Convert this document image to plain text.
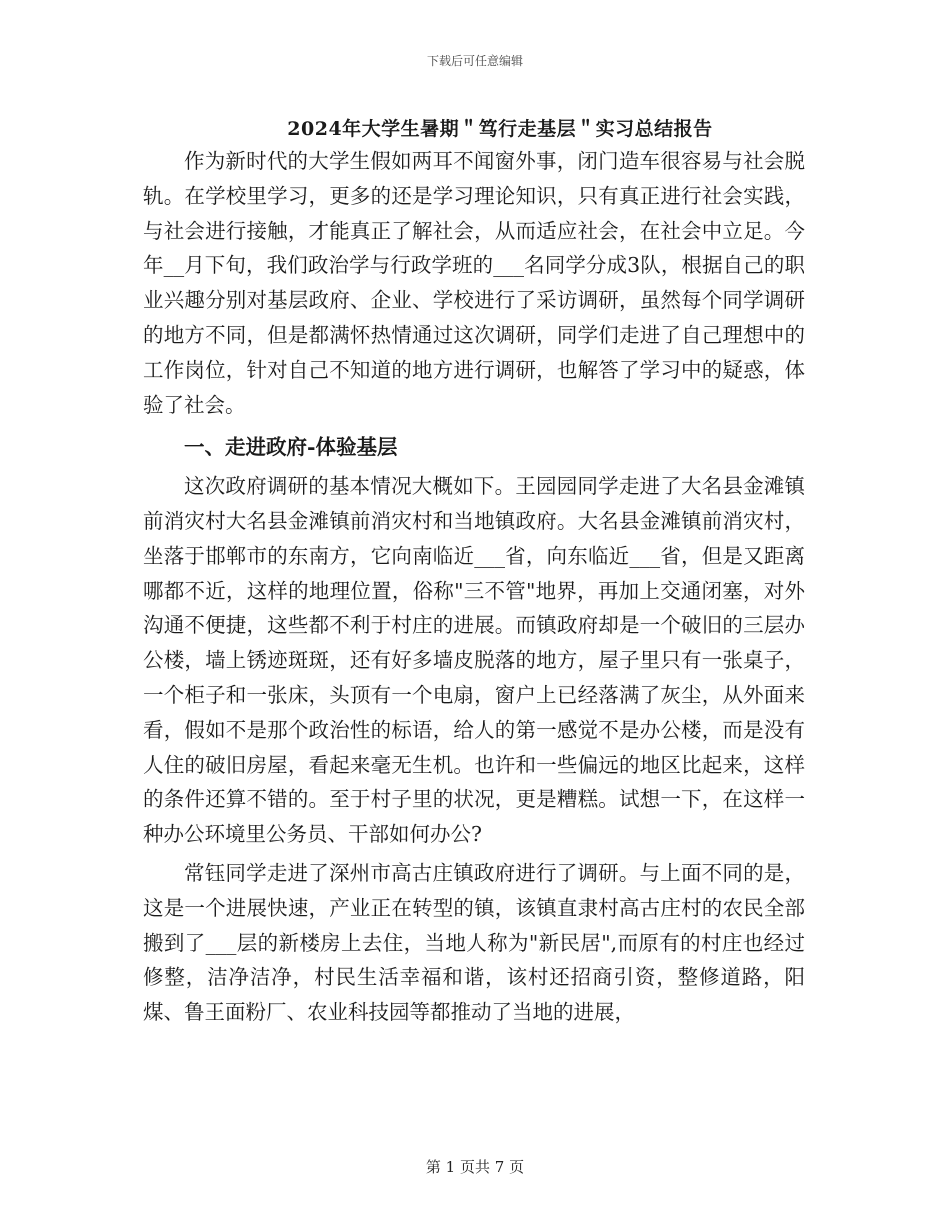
下载后可任意编辑
2024年大学生暑期＂笃行走基层＂实习总结报告

作为新时代的大学生假如两耳不闻窗外事，闭门造车很容易与社会脱轨。在学校里学习，更多的还是学习理论知识，只有真正进行社会实践，与社会进行接触，才能真正了解社会，从而适应社会，在社会中立足。今年__月下旬，我们政治学与行政学班的___名同学分成3队，根据自己的职业兴趣分别对基层政府、企业、学校进行了采访调研，虽然每个同学调研的地方不同，但是都满怀热情通过这次调研，同学们走进了自己理想中的工作岗位，针对自己不知道的地方进行调研，也解答了学习中的疑惑，体验了社会。

一、走进政府-体验基层

这次政府调研的基本情况大概如下。王园园同学走进了大名县金滩镇前消灾村大名县金滩镇前消灾村和当地镇政府。大名县金滩镇前消灾村，坐落于邯郸市的东南方，它向南临近___省，向东临近___省，但是又距离哪都不近，这样的地理位置，俗称"三不管"地界，再加上交通闭塞，对外沟通不便捷，这些都不利于村庄的进展。而镇政府却是一个破旧的三层办公楼，墙上锈迹斑斑，还有好多墙皮脱落的地方，屋子里只有一张桌子，一个柜子和一张床，头顶有一个电扇，窗户上已经落满了灰尘，从外面来看，假如不是那个政治性的标语，给人的第一感觉不是办公楼，而是没有人住的破旧房屋，看起来毫无生机。也许和一些偏远的地区比起来，这样的条件还算不错的。至于村子里的状况，更是糟糕。试想一下，在这样一种办公环境里公务员、干部如何办公?

常钰同学走进了深州市高古庄镇政府进行了调研。与上面不同的是，这是一个进展快速，产业正在转型的镇，该镇直隶村高古庄村的农民全部搬到了___层的新楼房上去住，当地人称为"新民居",而原有的村庄也经过修整，洁净洁净，村民生活幸福和谐，该村还招商引资，整修道路，阳煤、鲁王面粉厂、农业科技园等都推动了当地的进展，

第 1 页共 7 页
